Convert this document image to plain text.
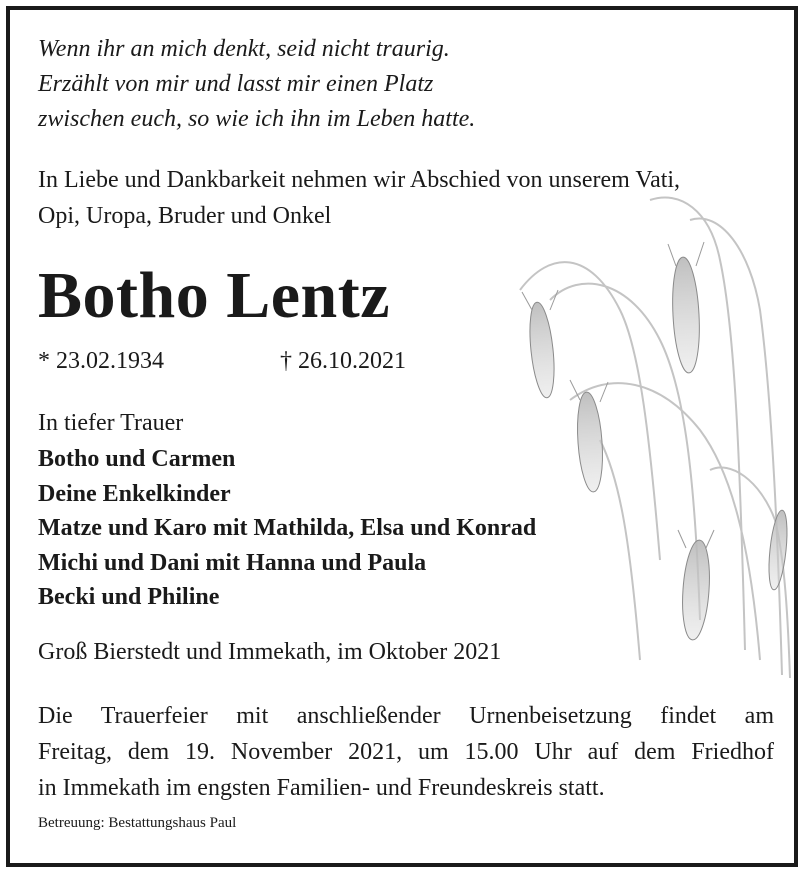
Wenn ihr an mich denkt, seid nicht traurig.
Erzählt von mir und lasst mir einen Platz
zwischen euch, so wie ich ihn im Leben hatte.
In Liebe und Dankbarkeit nehmen wir Abschied von unserem Vati,
Opi, Uropa, Bruder und Onkel
Botho Lentz
* 23.02.1934	† 26.10.2021
In tiefer Trauer
Botho und Carmen
Deine Enkelkinder
Matze und Karo mit Mathilda, Elsa und Konrad
Michi und Dani mit Hanna und Paula
Becki und Philine
Groß Bierstedt und Immekath, im Oktober 2021
Die Trauerfeier mit anschließender Urnenbeisetzung findet am
Freitag, dem 19. November 2021, um 15.00 Uhr auf dem Friedhof
in Immekath im engsten Familien- und Freundeskreis statt.
Betreuung: Bestattungshaus Paul
